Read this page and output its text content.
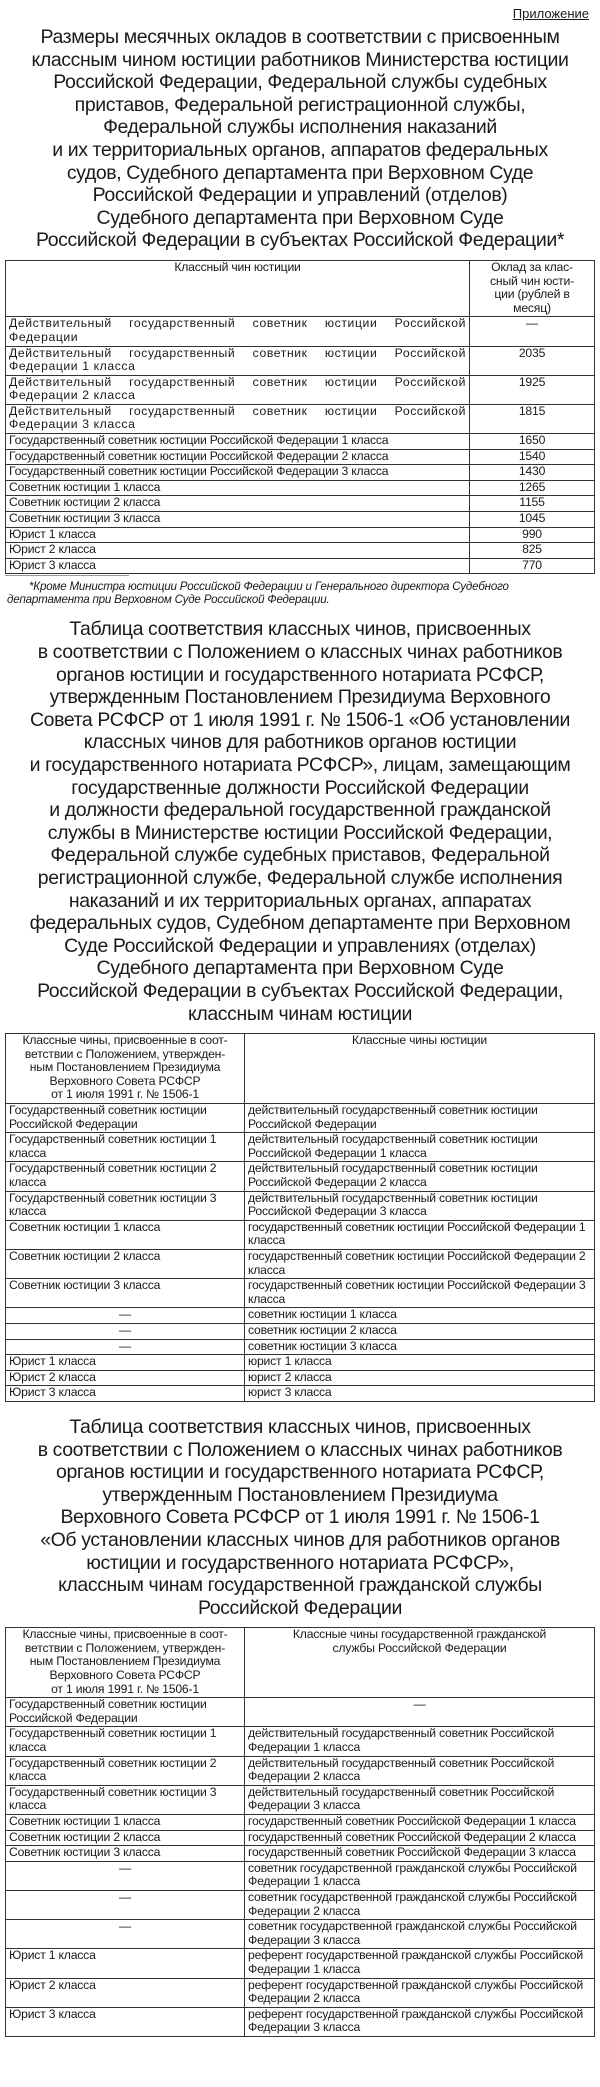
Приложение
Размеры месячных окладов в соответствии с присвоенным
классным чином юстиции работников Министерства юстиции
Российской Федерации, Федеральной службы судебных
приставов, Федеральной регистрационной службы,
Федеральной службы исполнения наказаний
и их территориальных органов, аппаратов федеральных
судов, Судебного департамента при Верховном Суде
Российской Федерации и управлений (отделов)
Судебного департамента при Верховном Суде
Российской Федерации в субъектах Российской Федерации*
Классный чин юстиции	Оклад за клас-
сный чин юсти-
ции (рублей в
месяц)
Действительный государственный советник юстиции Российской Федерации	—
Действительный государственный советник юстиции Российской Федерации 1 класса	2035
Действительный государственный советник юстиции Российской Федерации 2 класса	1925
Действительный государственный советник юстиции Российской Федерации 3 класса	1815
Государственный советник юстиции Российской Федерации 1 класса	1650
Государственный советник юстиции Российской Федерации 2 класса	1540
Государственный советник юстиции Российской Федерации 3 класса	1430
Советник юстиции 1 класса	1265
Советник юстиции 2 класса	1155
Советник юстиции 3 класса	1045
Юрист 1 класса	990
Юрист 2 класса	825
Юрист 3 класса	770
*Кроме Министра юстиции Российской Федерации и Генерального директора Судебного департамента при Верховном Суде Российской Федерации.
Таблица соответствия классных чинов, присвоенных
в соответствии с Положением о классных чинах работников
органов юстиции и государственного нотариата РСФСР,
утвержденным Постановлением Президиума Верховного
Совета РСФСР от 1 июля 1991 г. № 1506-1 «Об установлении
классных чинов для работников органов юстиции
и государственного нотариата РСФСР», лицам, замещающим
государственные должности Российской Федерации
и должности федеральной государственной гражданской
службы в Министерстве юстиции Российской Федерации,
Федеральной службе судебных приставов, Федеральной
регистрационной службе, Федеральной службе исполнения
наказаний и их территориальных органах, аппаратах
федеральных судов, Судебном департаменте при Верховном
Суде Российской Федерации и управлениях (отделах)
Судебного департамента при Верховном Суде
Российской Федерации в субъектах Российской Федерации,
классным чинам юстиции
Классные чины, присвоенные в соот-
ветствии с Положением, утвержден-
ным Постановлением Президиума
Верховного Совета РСФСР
от 1 июля 1991 г. № 1506-1	Классные чины юстиции
Государственный советник юстиции Российской Федерации	действительный государственный советник юстиции Российской Федерации
Государственный советник юстиции 1 класса	действительный государственный советник юстиции Российской Федерации 1 класса
Государственный советник юстиции 2 класса	действительный государственный советник юстиции Российской Федерации 2 класса
Государственный советник юстиции 3 класса	действительный государственный советник юстиции Российской Федерации 3 класса
Советник юстиции 1 класса	государственный советник юстиции Российской Федерации 1 класса
Советник юстиции 2 класса	государственный советник юстиции Российской Федерации 2 класса
Советник юстиции 3 класса	государственный советник юстиции Российской Федерации 3 класса
—	советник юстиции 1 класса
—	советник юстиции 2 класса
—	советник юстиции 3 класса
Юрист 1 класса	юрист 1 класса
Юрист 2 класса	юрист 2 класса
Юрист 3 класса	юрист 3 класса
Таблица соответствия классных чинов, присвоенных
в соответствии с Положением о классных чинах работников
органов юстиции и государственного нотариата РСФСР,
утвержденным Постановлением Президиума
Верховного Совета РСФСР от 1 июля 1991 г. № 1506-1
«Об установлении классных чинов для работников органов
юстиции и государственного нотариата РСФСР»,
классным чинам государственной гражданской службы
Российской Федерации
Классные чины, присвоенные в соот-
ветствии с Положением, утвержден-
ным Постановлением Президиума
Верховного Совета РСФСР
от 1 июля 1991 г. № 1506-1	Классные чины государственной гражданской
службы Российской Федерации
Государственный советник юстиции Российской Федерации	—
Государственный советник юстиции 1 класса	действительный государственный советник Российской Федерации 1 класса
Государственный советник юстиции 2 класса	действительный государственный советник Российской Федерации 2 класса
Государственный советник юстиции 3 класса	действительный государственный советник Российской Федерации 3 класса
Советник юстиции 1 класса	государственный советник Российской Федерации 1 класса
Советник юстиции 2 класса	государственный советник Российской Федерации 2 класса
Советник юстиции 3 класса	государственный советник Российской Федерации 3 класса
—	советник государственной гражданской службы Российской Федерации 1 класса
—	советник государственной гражданской службы Российской Федерации 2 класса
—	советник государственной гражданской службы Российской Федерации 3 класса
Юрист 1 класса	референт государственной гражданской службы Российской Федерации 1 класса
Юрист 2 класса	референт государственной гражданской службы Российской Федерации 2 класса
Юрист 3 класса	референт государственной гражданской службы Российской Федерации 3 класса
